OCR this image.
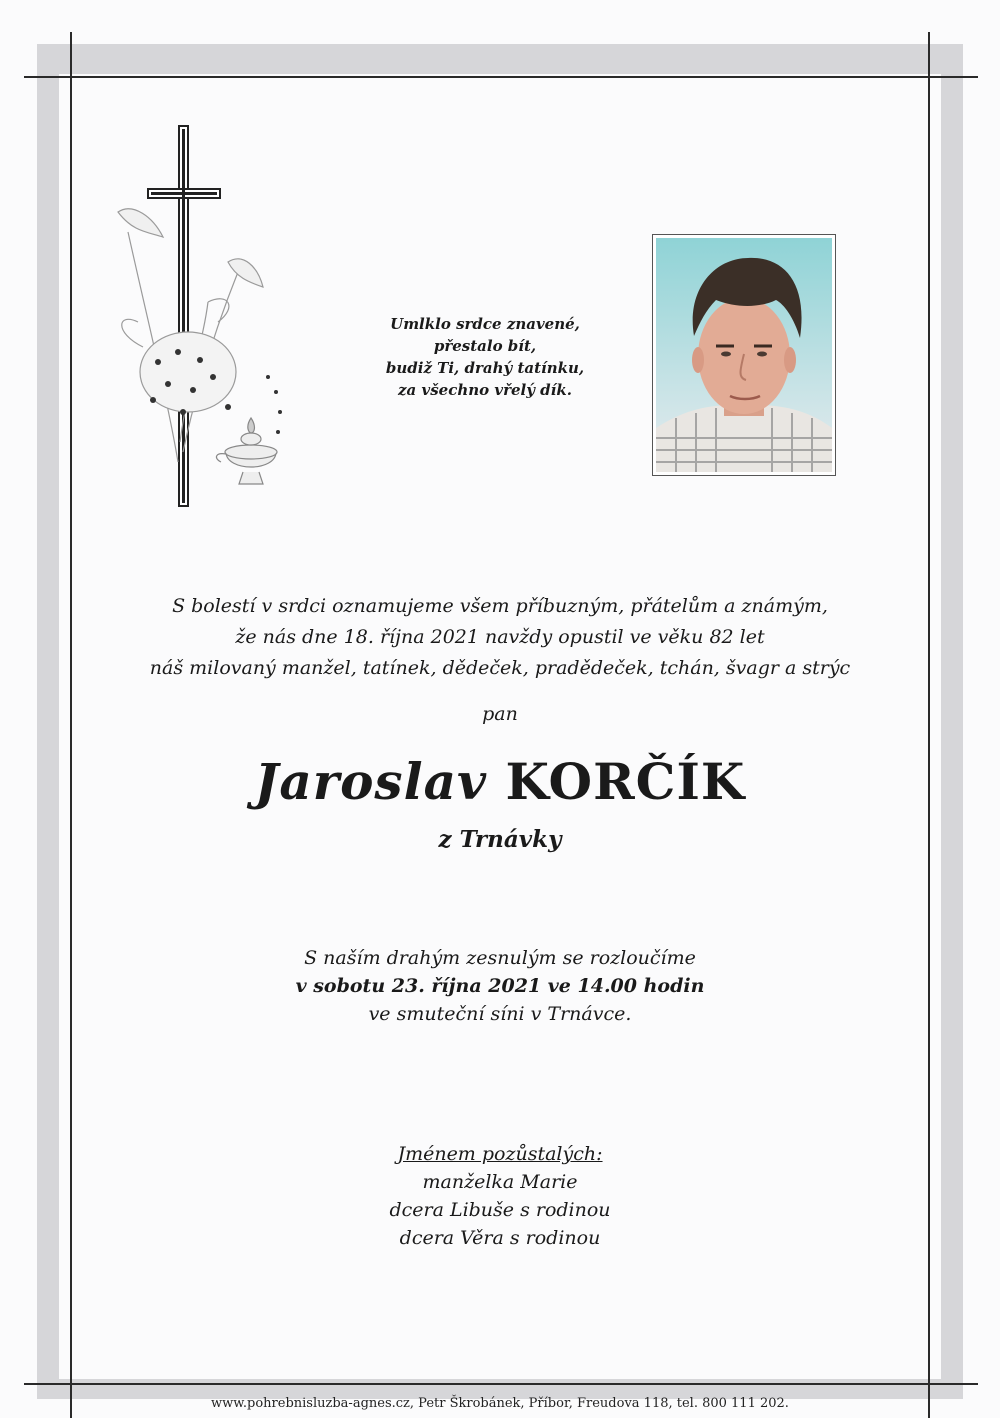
Umlklo srdce znavené,
přestalo bít,
budiž Ti, drahý tatínku,
za všechno vřelý dík.
S bolestí v srdci oznamujeme všem příbuzným, přátelům a známým,
že nás dne 18. října 2021 navždy opustil ve věku 82 let
náš milovaný manžel, tatínek, dědeček, pradědeček, tchán, švagr a strýc
pan
Jaroslav KORČÍK
z Trnávky
S naším drahým zesnulým se rozloučíme
v sobotu 23. října 2021 ve 14.00 hodin
ve smuteční síni v Trnávce.
Jménem pozůstalých:
manželka Marie
dcera Libuše s rodinou
dcera Věra s rodinou
www.pohrebnisluzba-agnes.cz, Petr Škrobánek, Příbor, Freudova 118, tel. 800 111 202.
